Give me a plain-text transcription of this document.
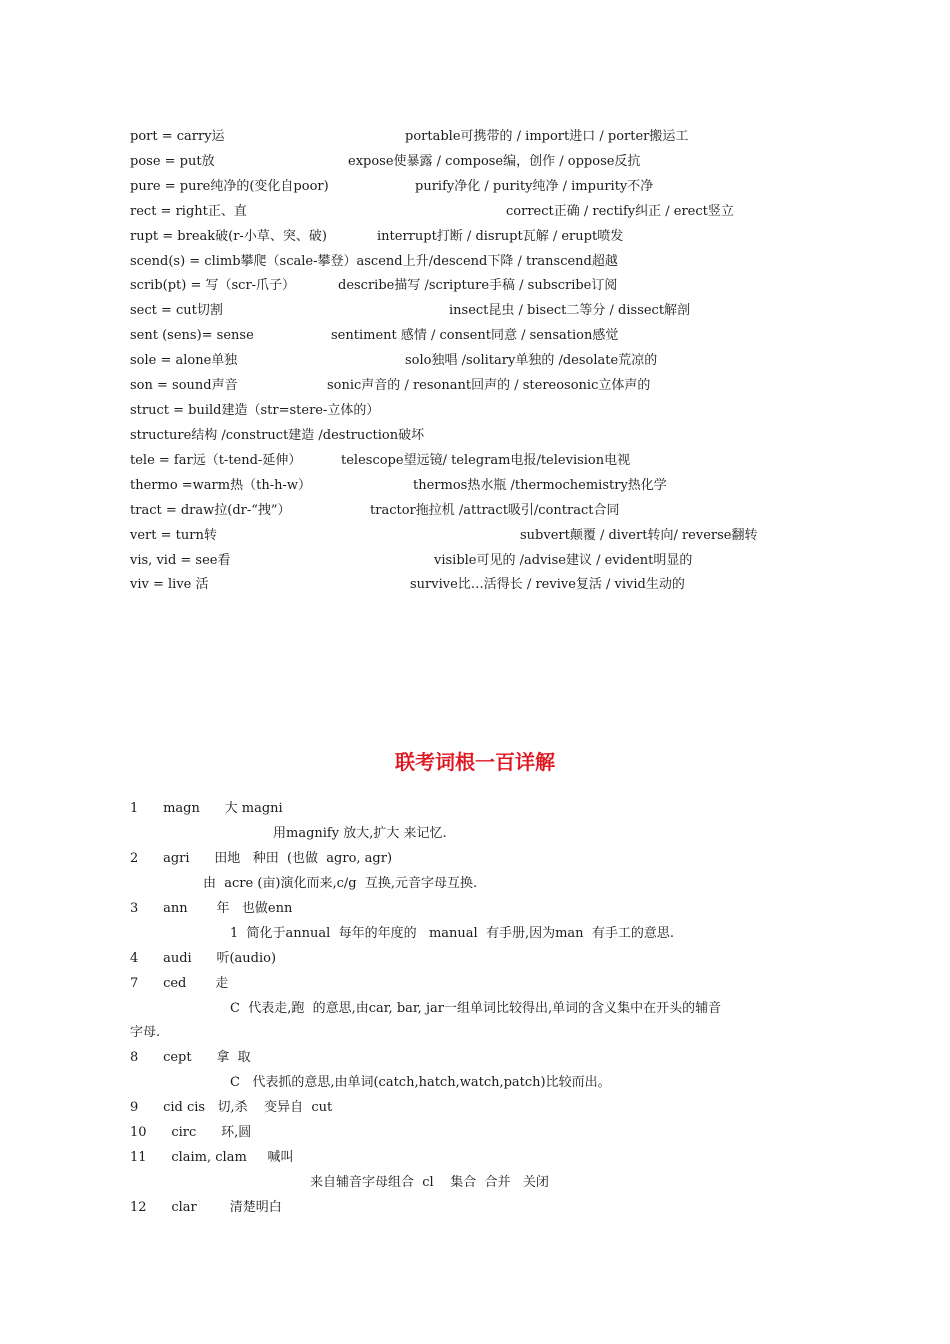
port = carry运	portable可携带的 / import进口 / porter搬运工
pose = put放	expose使暴露 / compose编，创作 / oppose反抗
pure = pure纯净的(变化自poor)	purify净化 / purity纯净 / impurity不净
rect = right正、直	correct正确 / rectify纠正 / erect竖立
rupt = break破(r-小草、突、破)	interrupt打断 / disrupt瓦解 / erupt喷发
scend(s) = climb攀爬（scale-攀登）ascend上升/descend下降 / transcend超越
scrib(pt) = 写（scr-爪子）	describe描写 /scripture手稿 / subscribe订阅
sect = cut切割	insect昆虫 / bisect二等分 / dissect解剖
sent (sens)= sense	sentiment 感情 / consent同意 / sensation感觉
sole = alone单独	solo独唱 /solitary单独的 /desolate荒凉的
son = sound声音	sonic声音的 / resonant回声的 / stereosonic立体声的
struct = build建造（str=stere-立体的）
structure结构 /construct建造 /destruction破坏
tele = far远（t-tend-延伸）	telescope望远镜/ telegram电报/television电视
thermo =warm热（th-h-w）	thermos热水瓶 /thermochemistry热化学
tract = draw拉(dr-“拽”）	tractor拖拉机 /attract吸引/contract合同
vert = turn转	subvert颠覆 / divert转向/ reverse翻转
vis, vid = see看	visible可见的 /advise建议 / evident明显的
viv = live 活	survive比…活得长 / revive复活 / vivid生动的
联考词根一百详解
1      magn      大 magni
用magnify 放大,扩大 来记忆.
2      agri      田地   种田  (也做  agro, agr)
由  acre (亩)演化而来,c/g  互换,元音字母互换.
3      ann       年   也做enn
1  简化于annual  每年的年度的   manual  有手册,因为man  有手工的意思.
4      audi      听(audio)
7      ced       走
C  代表走,跑  的意思,由car, bar, jar一组单词比较得出,单词的含义集中在开头的辅音
字母.
8      cept      拿  取
C   代表抓的意思,由单词(catch,hatch,watch,patch)比较而出。
9      cid cis   切,杀    变异自  cut
10      circ      环,圆
11      claim, clam     喊叫
来自辅音字母组合  cl    集合  合并   关闭
12      clar        清楚明白
